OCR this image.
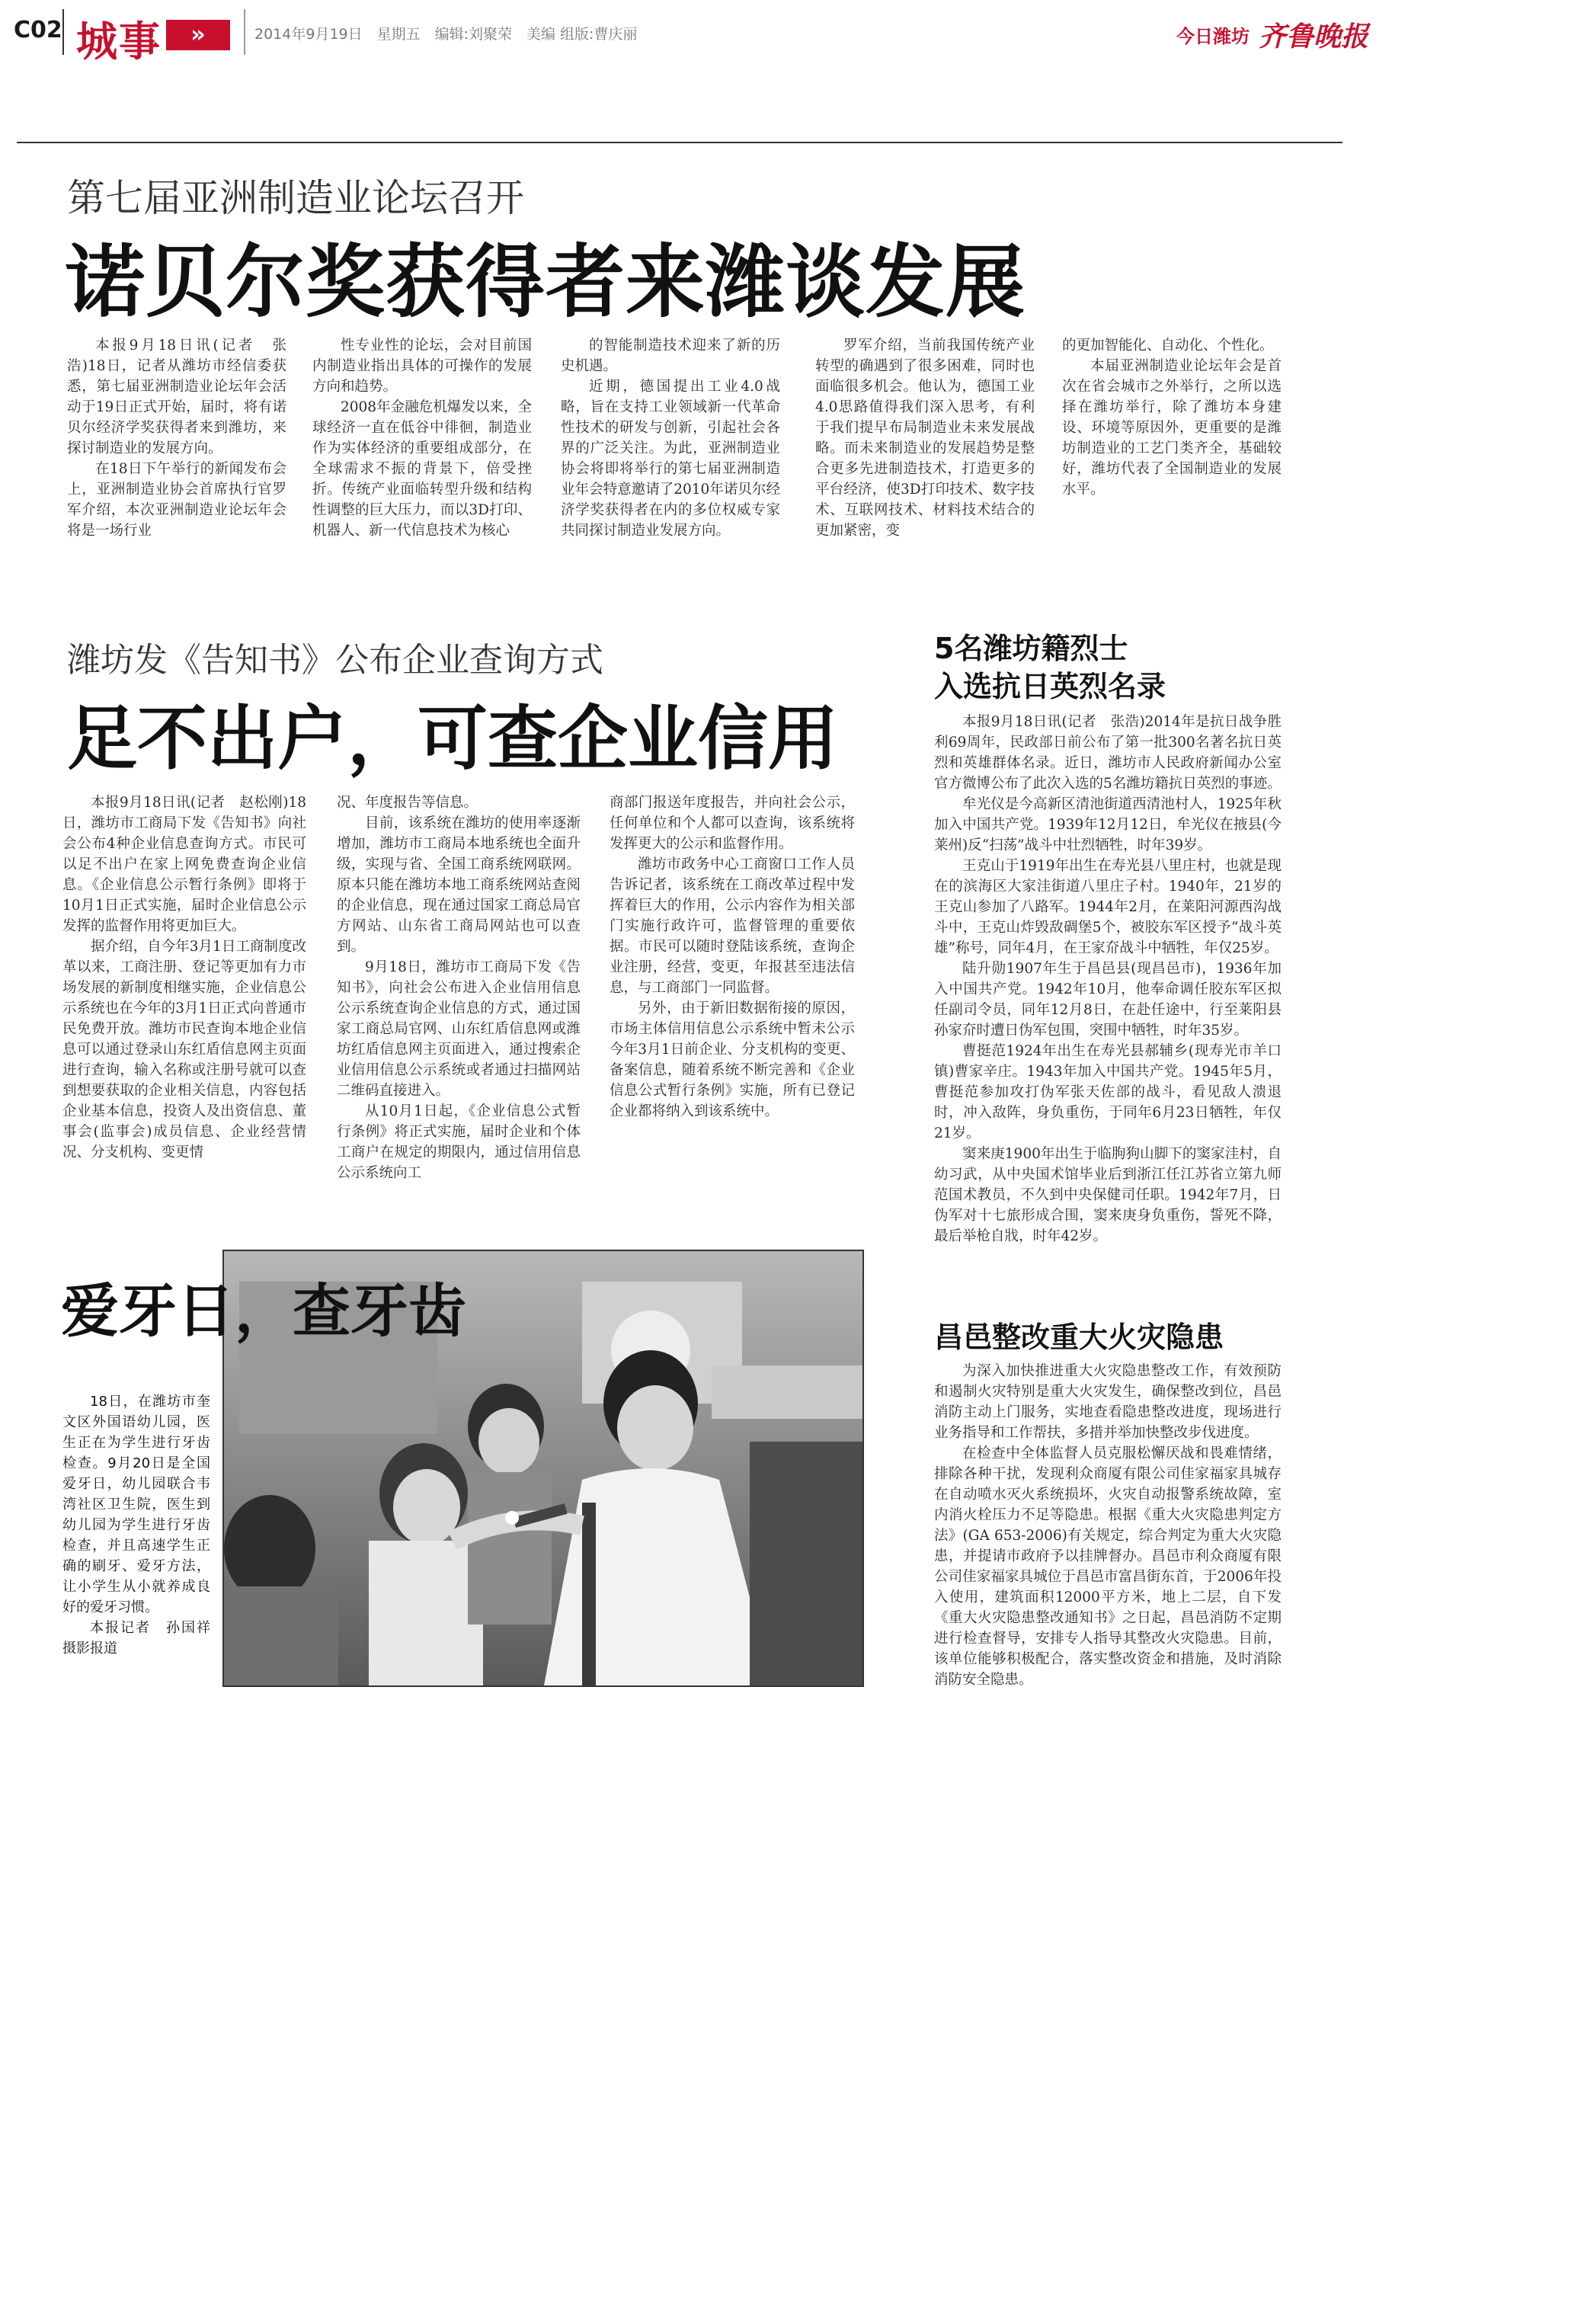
C02 城事	»	2014年9月19日　星期五　编辑:刘聚荣　美编 组版:曹庆丽	今日潍坊 齐鲁晚报
第七届亚洲制造业论坛召开
诺贝尔奖获得者来潍谈发展

本报9月18日讯(记者　张浩)18日，记者从潍坊市经信委获悉，第七届亚洲制造业论坛年会活动于19日正式开始，届时，将有诺贝尔经济学奖获得者来到潍坊，来探讨制造业的发展方向。

在18日下午举行的新闻发布会上，亚洲制造业协会首席执行官罗军介绍，本次亚洲制造业论坛年会将是一场行业

性专业性的论坛，会对目前国内制造业指出具体的可操作的发展方向和趋势。

2008年金融危机爆发以来，全球经济一直在低谷中徘徊，制造业作为实体经济的重要组成部分，在全球需求不振的背景下，倍受挫折。传统产业面临转型升级和结构性调整的巨大压力，而以3D打印、机器人、新一代信息技术为核心

的智能制造技术迎来了新的历史机遇。

近期，德国提出工业4.0战略，旨在支持工业领域新一代革命性技术的研发与创新，引起社会各界的广泛关注。为此，亚洲制造业协会将即将举行的第七届亚洲制造业年会特意邀请了2010年诺贝尔经济学奖获得者在内的多位权威专家共同探讨制造业发展方向。

罗军介绍，当前我国传统产业转型的确遇到了很多困难，同时也面临很多机会。他认为，德国工业4.0思路值得我们深入思考，有利于我们提早布局制造业未来发展战略。而未来制造业的发展趋势是整合更多先进制造技术，打造更多的平台经济，使3D打印技术、数字技术、互联网技术、材料技术结合的更加紧密，变

的更加智能化、自动化、个性化。

本届亚洲制造业论坛年会是首次在省会城市之外举行，之所以选择在潍坊举行，除了潍坊本身建设、环境等原因外，更重要的是潍坊制造业的工艺门类齐全，基础较好，潍坊代表了全国制造业的发展水平。

潍坊发《告知书》公布企业查询方式
足不出户，可查企业信用

本报9月18日讯(记者　赵松刚)18日，潍坊市工商局下发《告知书》向社会公布4种企业信息查询方式。市民可以足不出户在家上网免费查询企业信息。《企业信息公示暂行条例》即将于10月1日正式实施，届时企业信息公示发挥的监督作用将更加巨大。

据介绍，自今年3月1日工商制度改革以来，工商注册、登记等更加有力市场发展的新制度相继实施，企业信息公示系统也在今年的3月1日正式向普通市民免费开放。潍坊市民查询本地企业信息可以通过登录山东红盾信息网主页面进行查询，输入名称或注册号就可以查到想要获取的企业相关信息，内容包括企业基本信息，投资人及出资信息、董事会(监事会)成员信息、企业经营情况、分支机构、变更情

况、年度报告等信息。

目前，该系统在潍坊的使用率逐渐增加，潍坊市工商局本地系统也全面升级，实现与省、全国工商系统网联网。原本只能在潍坊本地工商系统网站查阅的企业信息，现在通过国家工商总局官方网站、山东省工商局网站也可以查到。

9月18日，潍坊市工商局下发《告知书》，向社会公布进入企业信用信息公示系统查询企业信息的方式，通过国家工商总局官网、山东红盾信息网或潍坊红盾信息网主页面进入，通过搜索企业信用信息公示系统或者通过扫描网站二维码直接进入。

从10月1日起，《企业信息公式暂行条例》将正式实施，届时企业和个体工商户在规定的期限内，通过信用信息公示系统向工

商部门报送年度报告，并向社会公示，任何单位和个人都可以查询，该系统将发挥更大的公示和监督作用。

潍坊市政务中心工商窗口工作人员告诉记者，该系统在工商改革过程中发挥着巨大的作用，公示内容作为相关部门实施行政许可，监督管理的重要依据。市民可以随时登陆该系统，查询企业注册，经营，变更，年报甚至违法信息，与工商部门一同监督。

另外，由于新旧数据衔接的原因，市场主体信用信息公示系统中暂未公示今年3月1日前企业、分支机构的变更、备案信息，随着系统不断完善和《企业信息公式暂行条例》实施，所有已登记企业都将纳入到该系统中。

爱牙日，查牙齿

18日，在潍坊市奎文区外国语幼儿园，医生正在为学生进行牙齿检查。9月20日是全国爱牙日，幼儿园联合韦湾社区卫生院，医生到幼儿园为学生进行牙齿检查，并且高速学生正确的刷牙、爱牙方法，让小学生从小就养成良好的爱牙习惯。

本报记者　孙国祥　摄影报道

5名潍坊籍烈士
入选抗日英烈名录

本报9月18日讯(记者　张浩)2014年是抗日战争胜利69周年，民政部日前公布了第一批300名著名抗日英烈和英雄群体名录。近日，潍坊市人民政府新闻办公室官方微博公布了此次入选的5名潍坊籍抗日英烈的事迹。

牟光仪是今高新区清池街道西清池村人，1925年秋加入中国共产党。1939年12月12日，牟光仪在掖县(今莱州)反“扫荡”战斗中壮烈牺牲，时年39岁。

王克山于1919年出生在寿光县八里庄村，也就是现在的滨海区大家洼街道八里庄子村。1940年，21岁的王克山参加了八路军。1944年2月，在莱阳河源西沟战斗中，王克山炸毁敌碉堡5个，被胶东军区授予“战斗英雄”称号，同年4月，在王家夼战斗中牺牲，年仅25岁。

陆升勋1907年生于昌邑县(现昌邑市)，1936年加入中国共产党。1942年10月，他奉命调任胶东军区拟任副司令员，同年12月8日，在赴任途中，行至莱阳县孙家夼时遭日伪军包围，突围中牺牲，时年35岁。

曹挺范1924年出生在寿光县郝辅乡(现寿光市羊口镇)曹家辛庄。1943年加入中国共产党。1945年5月，曹挺范参加攻打伪军张天佐部的战斗，看见敌人溃退时，冲入敌阵，身负重伤，于同年6月23日牺牲，年仅21岁。

窦来庚1900年出生于临朐狗山脚下的窦家洼村，自幼习武，从中央国术馆毕业后到浙江任江苏省立第九师范国术教员，不久到中央保健司任职。1942年7月，日伪军对十七旅形成合围，窦来庚身负重伤，誓死不降，最后举枪自戕，时年42岁。

昌邑整改重大火灾隐患

为深入加快推进重大火灾隐患整改工作，有效预防和遏制火灾特别是重大火灾发生，确保整改到位，昌邑消防主动上门服务，实地查看隐患整改进度，现场进行业务指导和工作帮扶，多措并举加快整改步伐进度。

在检查中全体监督人员克服松懈厌战和畏难情绪，排除各种干扰，发现利众商厦有限公司佳家福家具城存在自动喷水灭火系统损坏，火灾自动报警系统故障，室内消火栓压力不足等隐患。根据《重大火灾隐患判定方法》(GA 653-2006)有关规定，综合判定为重大火灾隐患，并提请市政府予以挂牌督办。昌邑市利众商厦有限公司佳家福家具城位于昌邑市富昌街东首，于2006年投入使用，建筑面积12000平方米，地上二层，自下发《重大火灾隐患整改通知书》之日起，昌邑消防不定期进行检查督导，安排专人指导其整改火灾隐患。目前，该单位能够积极配合，落实整改资金和措施，及时消除消防安全隐患。
